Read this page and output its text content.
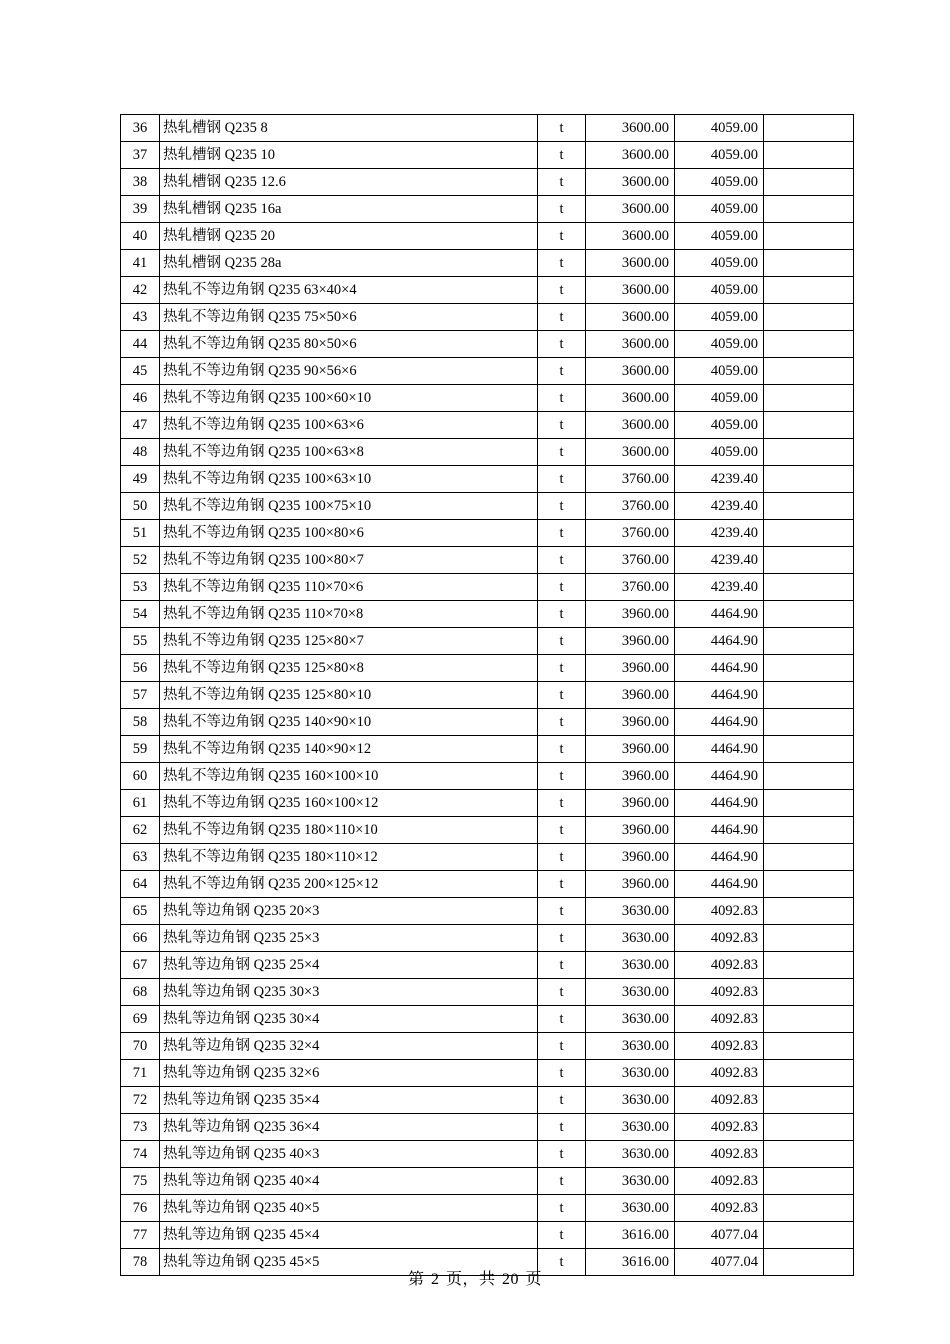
36	热轧槽钢 Q235 8	t	3600.00	4059.00	
37	热轧槽钢 Q235 10	t	3600.00	4059.00	
38	热轧槽钢 Q235 12.6	t	3600.00	4059.00	
39	热轧槽钢 Q235 16a	t	3600.00	4059.00	
40	热轧槽钢 Q235 20	t	3600.00	4059.00	
41	热轧槽钢 Q235 28a	t	3600.00	4059.00	
42	热轧不等边角钢 Q235 63×40×4	t	3600.00	4059.00	
43	热轧不等边角钢 Q235 75×50×6	t	3600.00	4059.00	
44	热轧不等边角钢 Q235 80×50×6	t	3600.00	4059.00	
45	热轧不等边角钢 Q235 90×56×6	t	3600.00	4059.00	
46	热轧不等边角钢 Q235 100×60×10	t	3600.00	4059.00	
47	热轧不等边角钢 Q235 100×63×6	t	3600.00	4059.00	
48	热轧不等边角钢 Q235 100×63×8	t	3600.00	4059.00	
49	热轧不等边角钢 Q235 100×63×10	t	3760.00	4239.40	
50	热轧不等边角钢 Q235 100×75×10	t	3760.00	4239.40	
51	热轧不等边角钢 Q235 100×80×6	t	3760.00	4239.40	
52	热轧不等边角钢 Q235 100×80×7	t	3760.00	4239.40	
53	热轧不等边角钢 Q235 110×70×6	t	3760.00	4239.40	
54	热轧不等边角钢 Q235 110×70×8	t	3960.00	4464.90	
55	热轧不等边角钢 Q235 125×80×7	t	3960.00	4464.90	
56	热轧不等边角钢 Q235 125×80×8	t	3960.00	4464.90	
57	热轧不等边角钢 Q235 125×80×10	t	3960.00	4464.90	
58	热轧不等边角钢 Q235 140×90×10	t	3960.00	4464.90	
59	热轧不等边角钢 Q235 140×90×12	t	3960.00	4464.90	
60	热轧不等边角钢 Q235 160×100×10	t	3960.00	4464.90	
61	热轧不等边角钢 Q235 160×100×12	t	3960.00	4464.90	
62	热轧不等边角钢 Q235 180×110×10	t	3960.00	4464.90	
63	热轧不等边角钢 Q235 180×110×12	t	3960.00	4464.90	
64	热轧不等边角钢 Q235 200×125×12	t	3960.00	4464.90	
65	热轧等边角钢 Q235 20×3	t	3630.00	4092.83	
66	热轧等边角钢 Q235 25×3	t	3630.00	4092.83	
67	热轧等边角钢 Q235 25×4	t	3630.00	4092.83	
68	热轧等边角钢 Q235 30×3	t	3630.00	4092.83	
69	热轧等边角钢 Q235 30×4	t	3630.00	4092.83	
70	热轧等边角钢 Q235 32×4	t	3630.00	4092.83	
71	热轧等边角钢 Q235 32×6	t	3630.00	4092.83	
72	热轧等边角钢 Q235 35×4	t	3630.00	4092.83	
73	热轧等边角钢 Q235 36×4	t	3630.00	4092.83	
74	热轧等边角钢 Q235 40×3	t	3630.00	4092.83	
75	热轧等边角钢 Q235 40×4	t	3630.00	4092.83	
76	热轧等边角钢 Q235 40×5	t	3630.00	4092.83	
77	热轧等边角钢 Q235 45×4	t	3616.00	4077.04	
78	热轧等边角钢 Q235 45×5	t	3616.00	4077.04	
第 2 页，共 20 页
